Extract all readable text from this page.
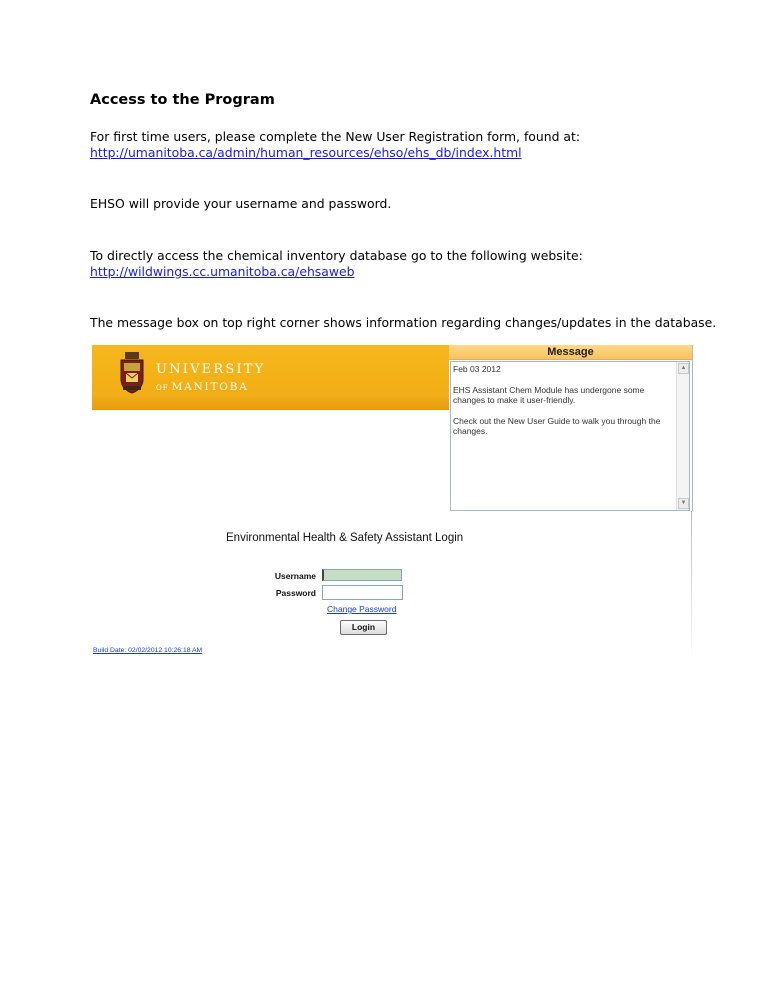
Access to the Program
For first time users, please complete the New User Registration form, found at:
http://umanitoba.ca/admin/human_resources/ehso/ehs_db/index.html
EHSO will provide your username and password.
To directly access the chemical inventory database go to the following website:
http://wildwings.cc.umanitoba.ca/ehsaweb
The message box on top right corner shows information regarding changes/updates in the database.
UNIVERSITY
OF MANITOBA
Message

Feb 03 2012

EHS Assistant Chem Module has undergone some changes to make it user-friendly.

Check out the New User Guide to walk you through the changes.

▲
▼
Environmental Health & Safety Assistant Login
Username
Password
Change Password
Login
Build Date: 02/02/2012 10:26:18 AM
